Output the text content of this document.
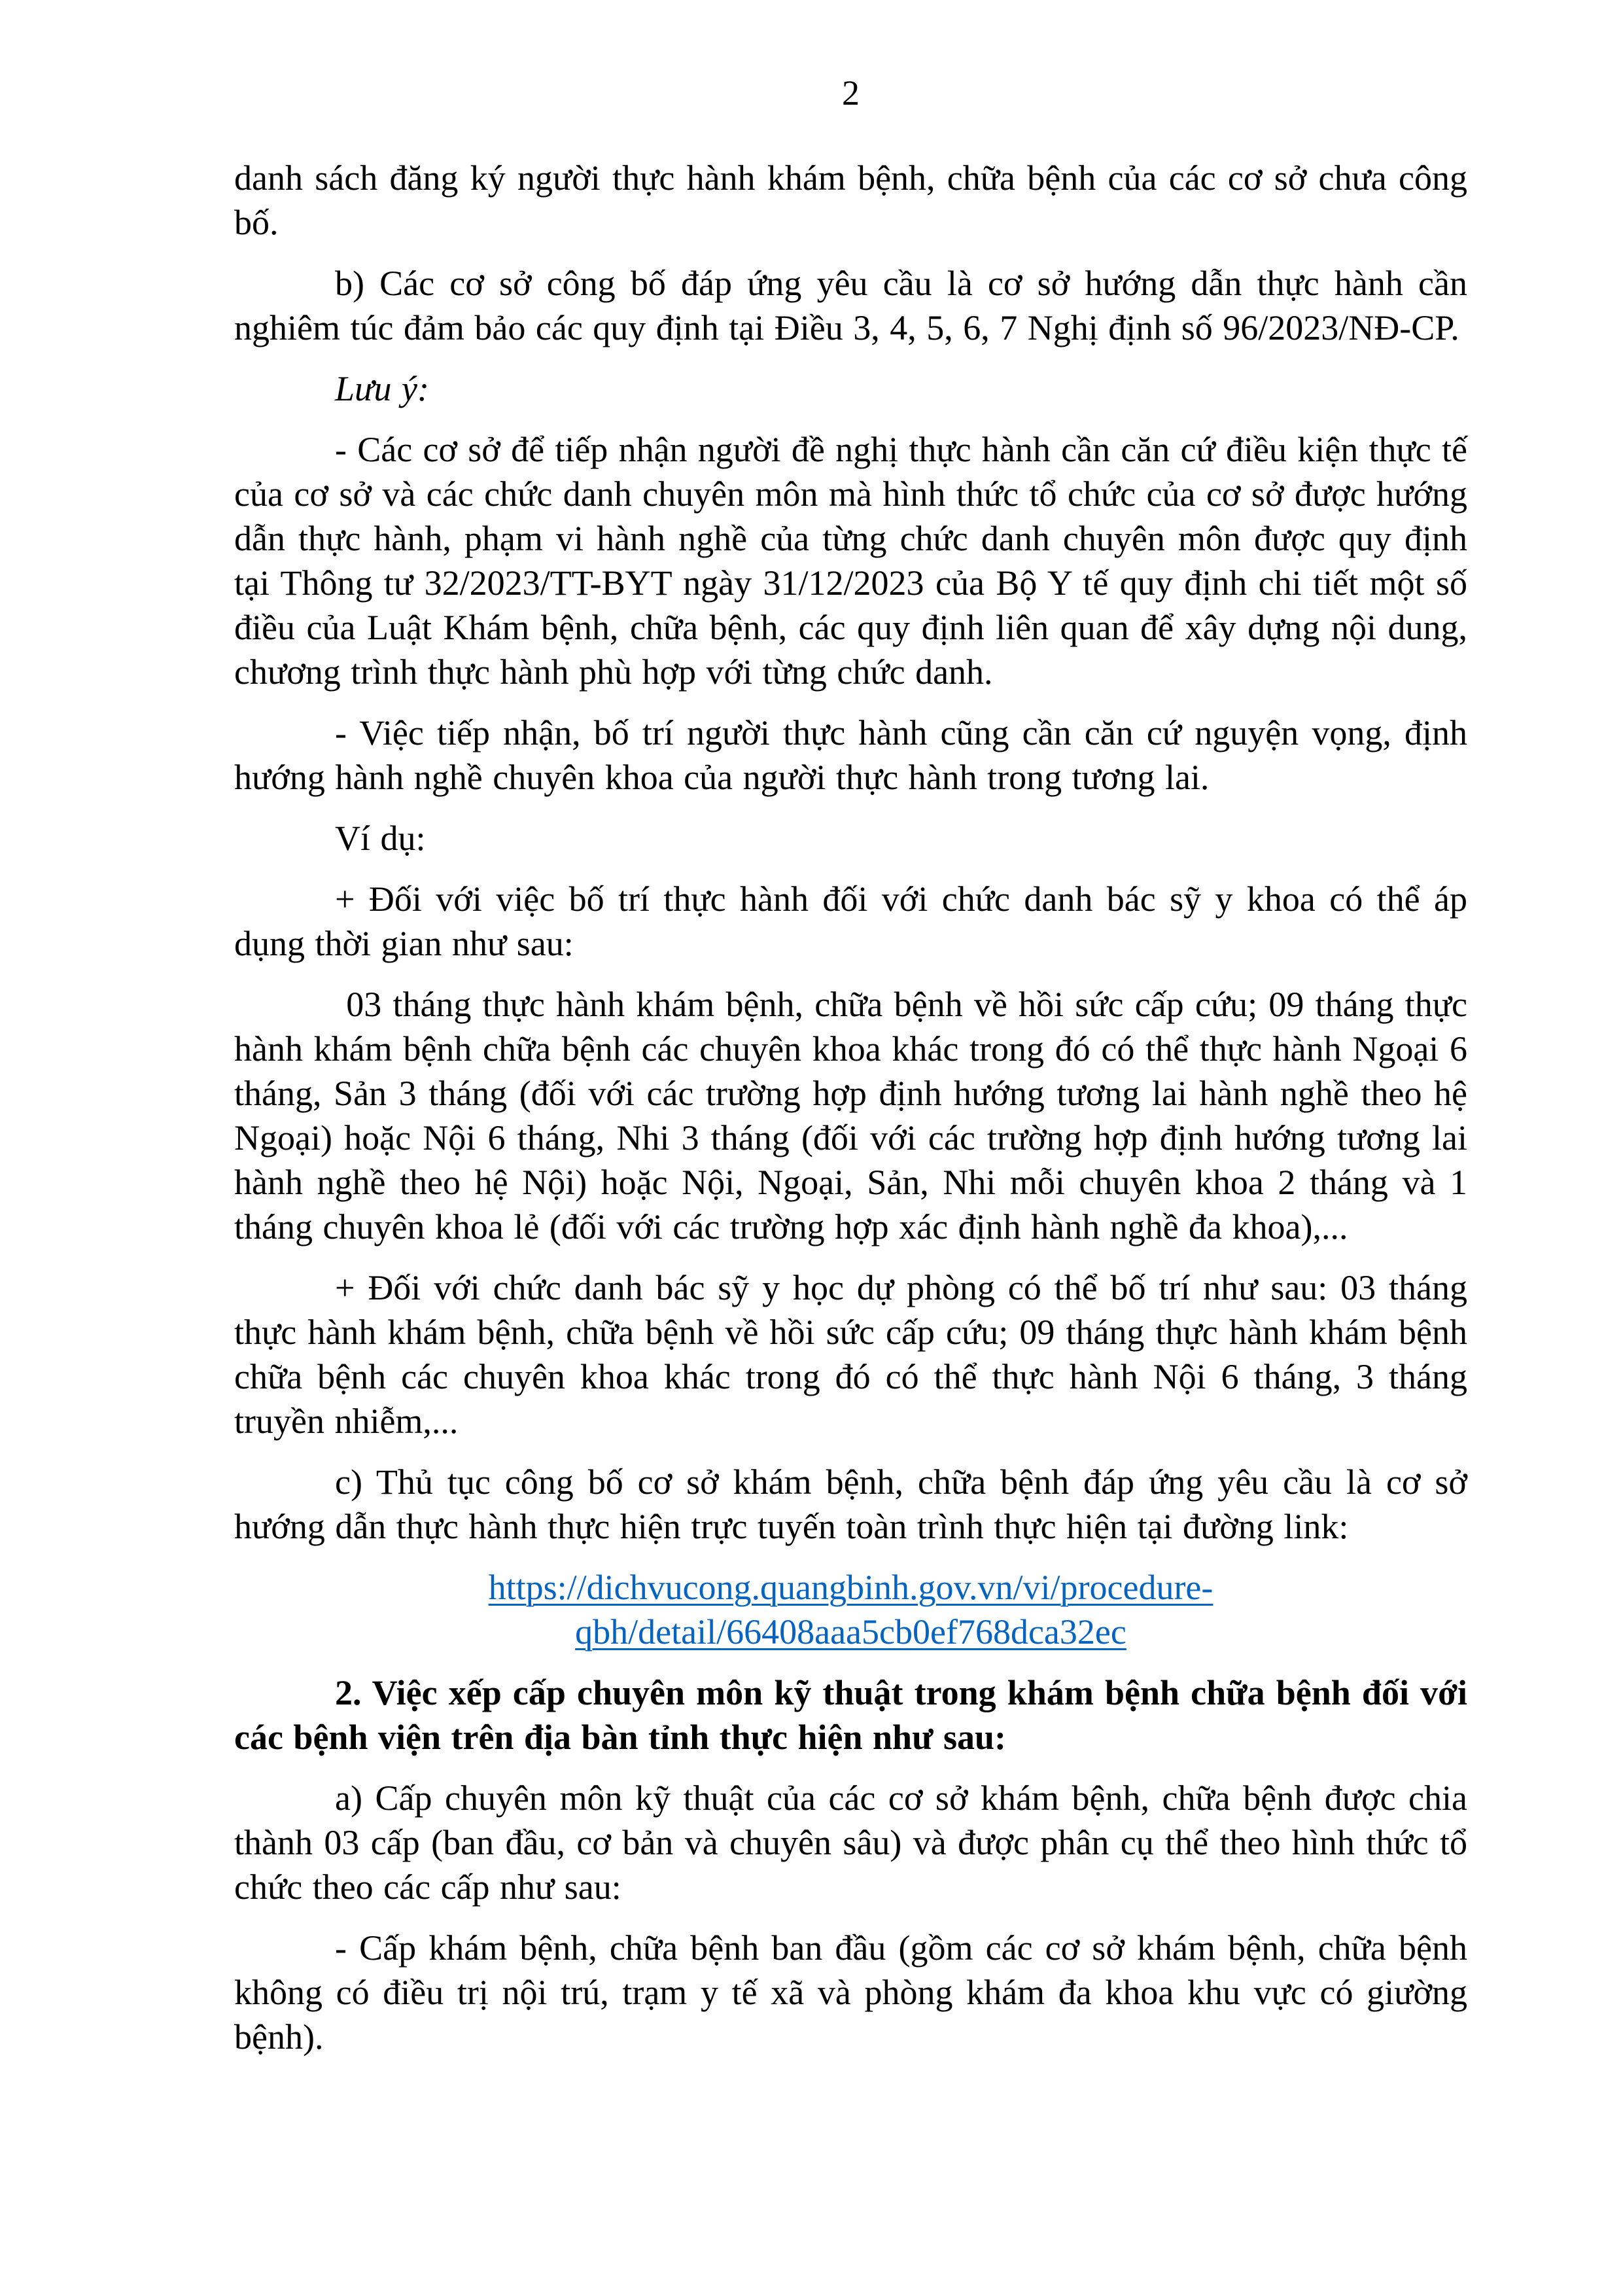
2

danh sách đăng ký người thực hành khám bệnh, chữa bệnh của các cơ sở chưa công bố.

b) Các cơ sở công bố đáp ứng yêu cầu là cơ sở hướng dẫn thực hành cần nghiêm túc đảm bảo các quy định tại Điều 3, 4, 5, 6, 7 Nghị định số 96/2023/NĐ-CP.

Lưu ý:

- Các cơ sở để tiếp nhận người đề nghị thực hành cần căn cứ điều kiện thực tế của cơ sở và các chức danh chuyên môn mà hình thức tổ chức của cơ sở được hướng dẫn thực hành, phạm vi hành nghề của từng chức danh chuyên môn được quy định tại Thông tư 32/2023/TT-BYT ngày 31/12/2023 của Bộ Y tế quy định chi tiết một số điều của Luật Khám bệnh, chữa bệnh, các quy định liên quan để xây dựng nội dung, chương trình thực hành phù hợp với từng chức danh.

- Việc tiếp nhận, bố trí người thực hành cũng cần căn cứ nguyện vọng, định hướng hành nghề chuyên khoa của người thực hành trong tương lai.

Ví dụ:

+ Đối với việc bố trí thực hành đối với chức danh bác sỹ y khoa có thể áp dụng thời gian như sau:

03 tháng thực hành khám bệnh, chữa bệnh về hồi sức cấp cứu; 09 tháng thực hành khám bệnh chữa bệnh các chuyên khoa khác trong đó có thể thực hành Ngoại 6 tháng, Sản 3 tháng (đối với các trường hợp định hướng tương lai hành nghề theo hệ Ngoại) hoặc Nội 6 tháng, Nhi 3 tháng (đối với các trường hợp định hướng tương lai hành nghề theo hệ Nội) hoặc Nội, Ngoại, Sản, Nhi mỗi chuyên khoa 2 tháng và 1 tháng chuyên khoa lẻ (đối với các trường hợp xác định hành nghề đa khoa),...

+ Đối với chức danh bác sỹ y học dự phòng có thể bố trí như sau: 03 tháng thực hành khám bệnh, chữa bệnh về hồi sức cấp cứu; 09 tháng thực hành khám bệnh chữa bệnh các chuyên khoa khác trong đó có thể thực hành Nội 6 tháng, 3 tháng truyền nhiễm,...

c) Thủ tục công bố cơ sở khám bệnh, chữa bệnh đáp ứng yêu cầu là cơ sở hướng dẫn thực hành thực hiện trực tuyến toàn trình thực hiện tại đường link:

https://dichvucong.quangbinh.gov.vn/vi/procedure-
qbh/detail/66408aaa5cb0ef768dca32ec

2. Việc xếp cấp chuyên môn kỹ thuật trong khám bệnh chữa bệnh đối với các bệnh viện trên địa bàn tỉnh thực hiện như sau:

a) Cấp chuyên môn kỹ thuật của các cơ sở khám bệnh, chữa bệnh được chia thành 03 cấp (ban đầu, cơ bản và chuyên sâu) và được phân cụ thể theo hình thức tổ chức theo các cấp như sau:

- Cấp khám bệnh, chữa bệnh ban đầu (gồm các cơ sở khám bệnh, chữa bệnh không có điều trị nội trú, trạm y tế xã và phòng khám đa khoa khu vực có giường bệnh).
